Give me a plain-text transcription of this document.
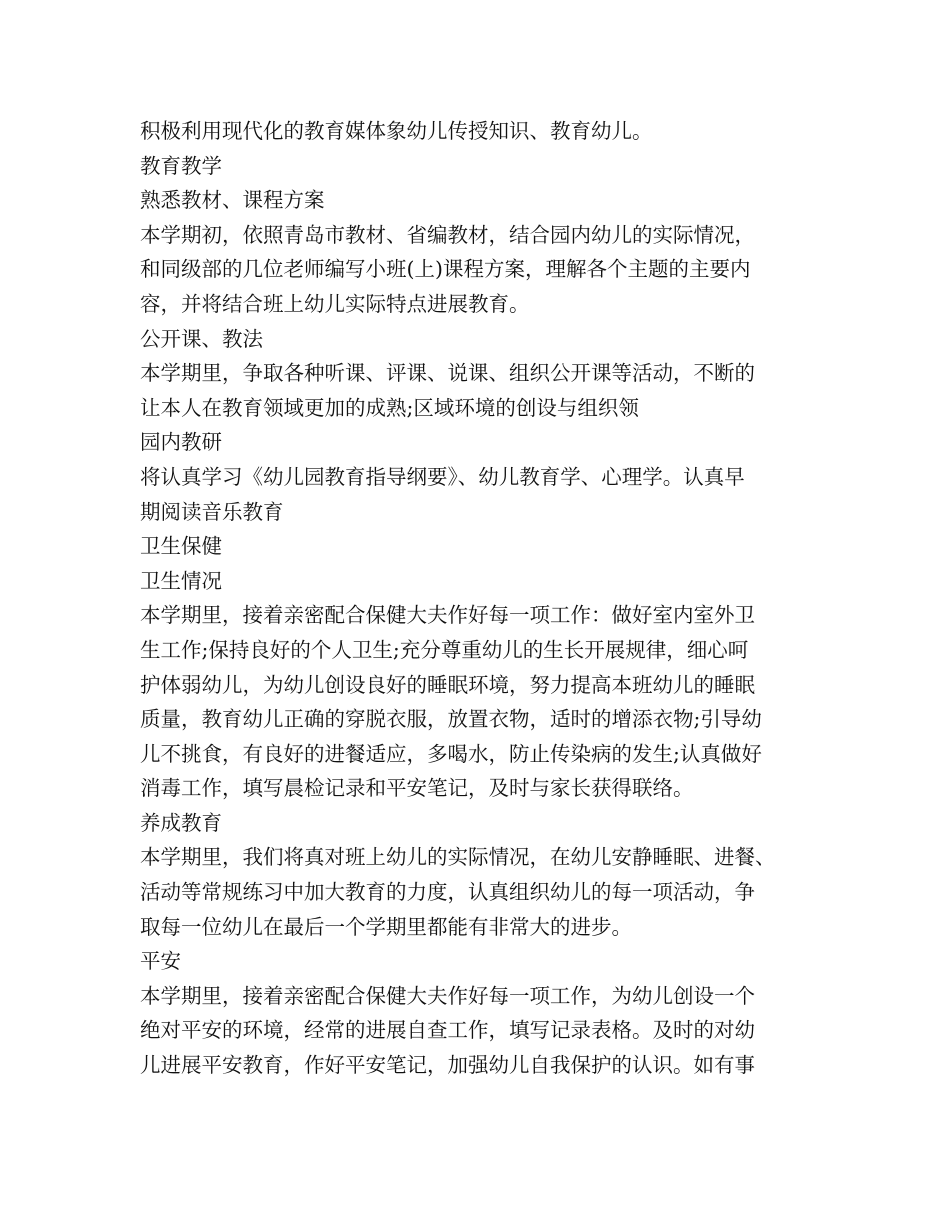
积极利用现代化的教育媒体象幼儿传授知识、教育幼儿。
教育教学
熟悉教材、课程方案
本学期初，依照青岛市教材、省编教材，结合园内幼儿的实际情况，
和同级部的几位老师编写小班(上)课程方案，理解各个主题的主要内
容，并将结合班上幼儿实际特点进展教育。
公开课、教法
本学期里，争取各种听课、评课、说课、组织公开课等活动，不断的
让本人在教育领域更加的成熟;区域环境的创设与组织领
园内教研
将认真学习《幼儿园教育指导纲要》、幼儿教育学、心理学。认真早
期阅读音乐教育
卫生保健
卫生情况
本学期里，接着亲密配合保健大夫作好每一项工作：做好室内室外卫
生工作;保持良好的个人卫生;充分尊重幼儿的生长开展规律，细心呵
护体弱幼儿，为幼儿创设良好的睡眠环境，努力提高本班幼儿的睡眠
质量，教育幼儿正确的穿脱衣服，放置衣物，适时的增添衣物;引导幼
儿不挑食，有良好的进餐适应，多喝水，防止传染病的发生;认真做好
消毒工作，填写晨检记录和平安笔记，及时与家长获得联络。
养成教育
本学期里，我们将真对班上幼儿的实际情况，在幼儿安静睡眠、进餐、
活动等常规练习中加大教育的力度，认真组织幼儿的每一项活动，争
取每一位幼儿在最后一个学期里都能有非常大的进步。
平安
本学期里，接着亲密配合保健大夫作好每一项工作，为幼儿创设一个
绝对平安的环境，经常的进展自查工作，填写记录表格。及时的对幼
儿进展平安教育，作好平安笔记，加强幼儿自我保护的认识。如有事
